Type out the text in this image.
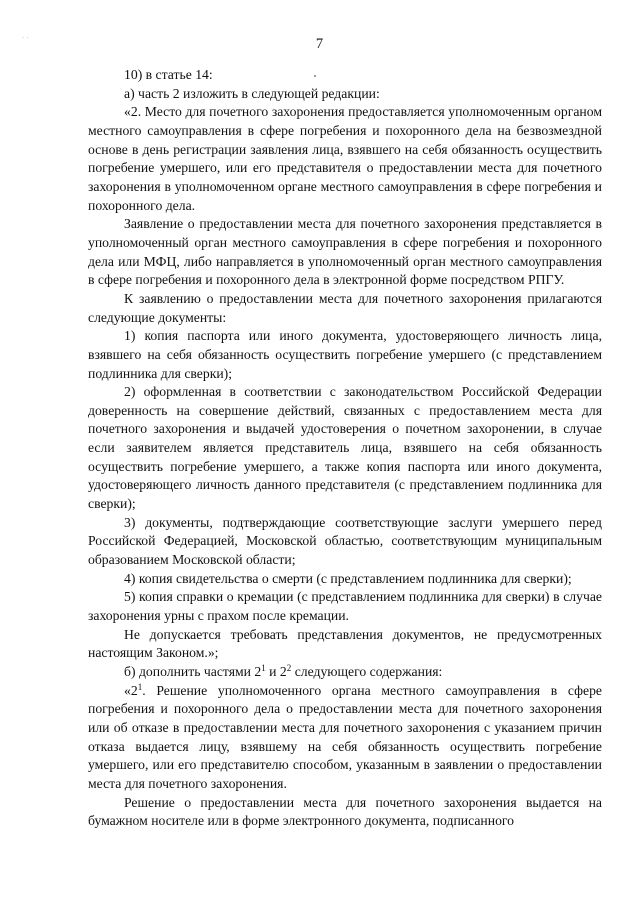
· ·	7

10) в статье 14:

а) часть 2 изложить в следующей редакции:

«2. Место для почетного захоронения предоставляется уполномоченным органом местного самоуправления в сфере погребения и похоронного дела на безвозмездной основе в день регистрации заявления лица, взявшего на себя обязанность осуществить погребение умершего, или его представителя о предоставлении места для почетного захоронения в уполномоченном органе местного самоуправления в сфере погребения и похоронного дела.

Заявление о предоставлении места для почетного захоронения представляется в уполномоченный орган местного самоуправления в сфере погребения и похоронного дела или МФЦ, либо направляется в уполномоченный орган местного самоуправления в сфере погребения и похоронного дела в электронной форме посредством РПГУ.

К заявлению о предоставлении места для почетного захоронения прилагаются следующие документы:

1) копия паспорта или иного документа, удостоверяющего личность лица, взявшего на себя обязанность осуществить погребение умершего (с представлением подлинника для сверки);

2) оформленная в соответствии с законодательством Российской Федерации доверенность на совершение действий, связанных с предоставлением места для почетного захоронения и выдачей удостоверения о почетном захоронении, в случае если заявителем является представитель лица, взявшего на себя обязанность осуществить погребение умершего, а также копия паспорта или иного документа, удостоверяющего личность данного представителя (с представлением подлинника для сверки);

3) документы, подтверждающие соответствующие заслуги умершего перед Российской Федерацией, Московской областью, соответствующим муниципальным образованием Московской области;

4) копия свидетельства о смерти (с представлением подлинника для сверки);

5) копия справки о кремации (с представлением подлинника для сверки) в случае захоронения урны с прахом после кремации.

Не допускается требовать представления документов, не предусмотренных настоящим Законом.»;

б) дополнить частями $2^1$ и $2^2$ следующего содержания:

«$2^1$. Решение уполномоченного органа местного самоуправления в сфере погребения и похоронного дела о предоставлении места для почетного захоронения или об отказе в предоставлении места для почетного захоронения с указанием причин отказа выдается лицу, взявшему на себя обязанность осуществить погребение умершего, или его представителю способом, указанным в заявлении о предоставлении места для почетного захоронения.

Решение о предоставлении места для почетного захоронения выдается на бумажном носителе или в форме электронного документа, подписанного
